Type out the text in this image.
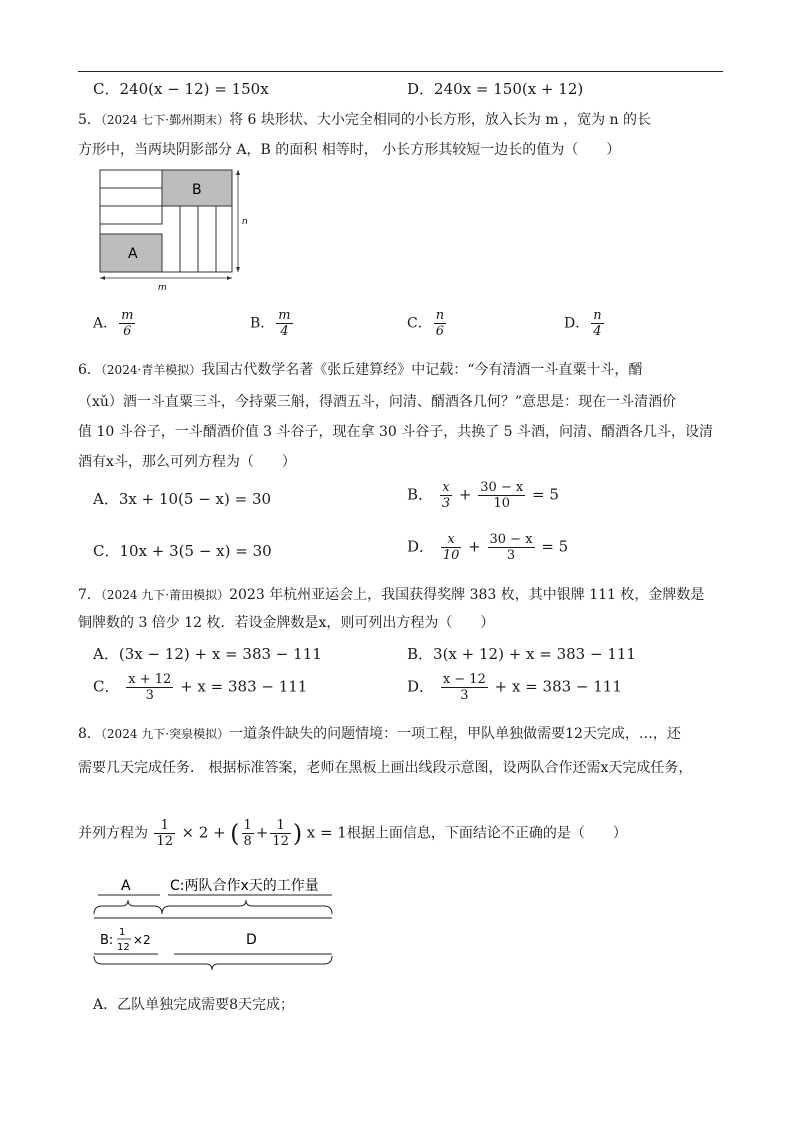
C．240(x − 12) = 150x	D．240x = 150(x + 12)
5．（2024 七下·鄞州期末）将 6 块形状、大小完全相同的小长方形，放入长为 m ，宽为 n 的长
方形中，当两块阴影部分 A，B 的面积 相等时， 小长方形其较短一边长的值为（　　）
A
B
m
n
A． $\frac{m}{6}$	B． $\frac{m}{4}$	C． $\frac{n}{6}$	D． $\frac{n}{4}$
6．（2024·青羊模拟）我国古代数学名著《张丘建算经》中记载：“今有清酒一斗直粟十斗，醑
（xǔ）酒一斗直粟三斗，今持粟三斛，得酒五斗，问清、醑酒各几何？”意思是：现在一斗清酒价
值 10 斗谷子，一斗醑酒价值 3 斗谷子，现在拿 30 斗谷子，共换了 5 斗酒，问清、醑酒各几斗，设清
酒有x斗，那么可列方程为（　　）
A．3x + 10(5 − x) = 30	B． $\frac{x}{3} + \frac{30 - x}{10} = 5$
C．10x + 3(5 − x) = 30	D． $\frac{x}{10} + \frac{30 - x}{3} = 5$
7．（2024 九下·莆田模拟）2023 年杭州亚运会上，我国获得奖牌 383 枚，其中银牌 111 枚，金牌数是
铜牌数的 3 倍少 12 枚．若设金牌数是x，则可列出方程为（　　）
A．(3x − 12) + x = 383 − 111	B．3(x + 12) + x = 383 − 111
C． $\frac{x + 12}{3} + x = 383 - 111$	D． $\frac{x - 12}{3} + x = 383 - 111$
8．（2024 九下·突泉模拟）一道条件缺失的问题情境：一项工程，甲队单独做需要12天完成，…，还
需要几天完成任务． 根据标准答案，老师在黑板上画出线段示意图，设两队合作还需x天完成任务，
并列方程为 $\frac{1}{12} \times 2$ + ( $\frac{1}{8} + \frac{1}{12}$ ) x = 1根据上面信息，下面结论不正确的是（　　）
A	C:两队合作x天的工作量
B:
1
12
×2	D
A．乙队单独完成需要8天完成；
